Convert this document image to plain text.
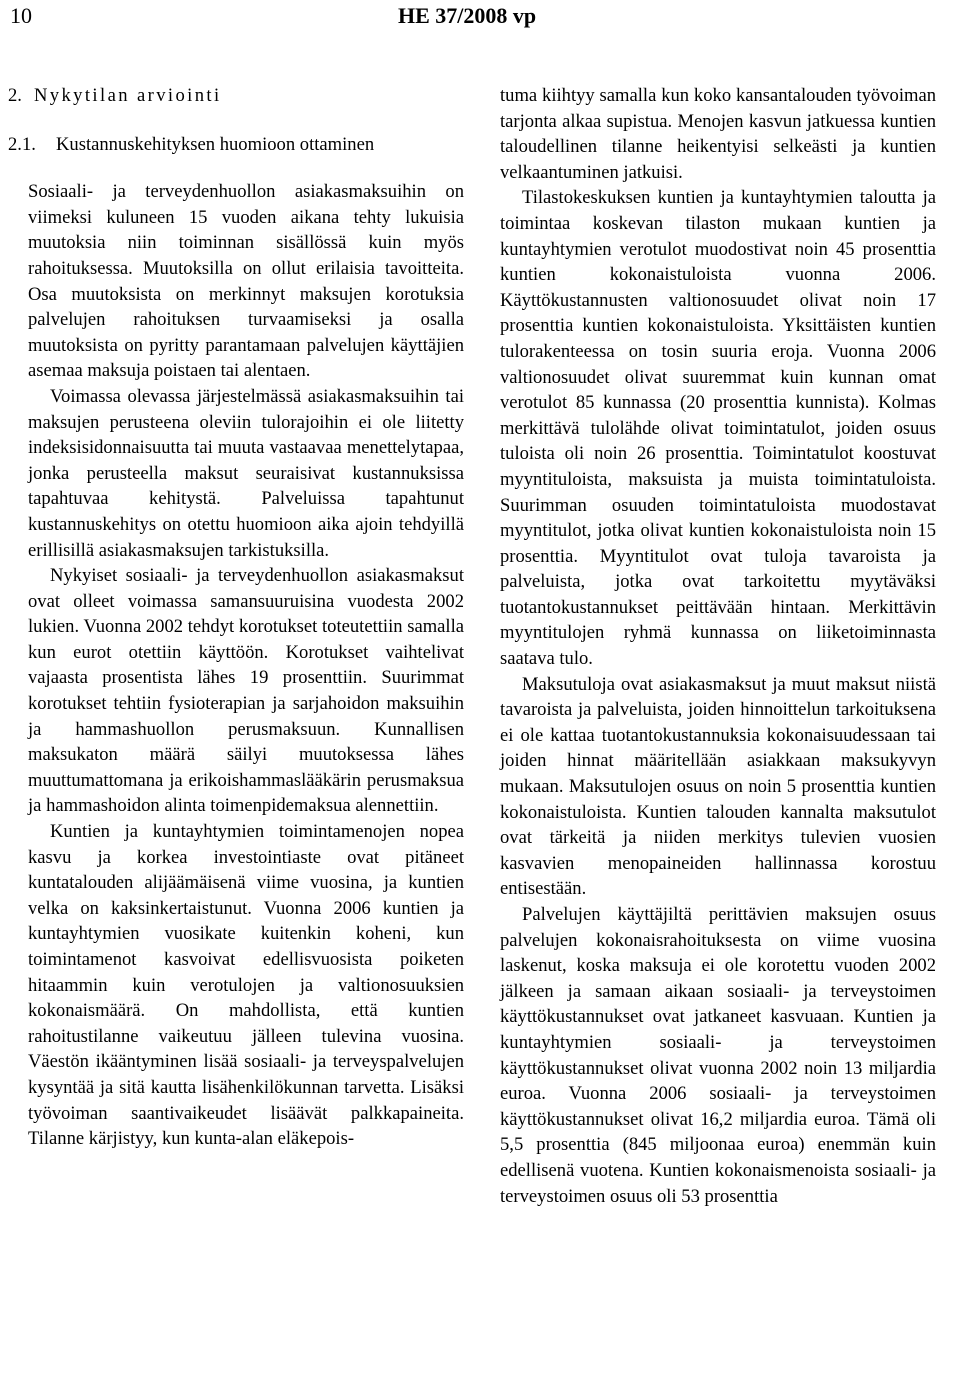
10	HE 37/2008 vp
2. Nykytilan arviointi
2.1.	Kustannuskehityksen huomioon ottaminen

Sosiaali- ja terveydenhuollon asiakasmaksuihin on viimeksi kuluneen 15 vuoden aikana tehty lukuisia muutoksia niin toiminnan sisällössä kuin myös rahoituksessa. Muutoksilla on ollut erilaisia tavoitteita. Osa muutoksista on merkinnyt maksujen korotuksia palvelujen rahoituksen turvaamiseksi ja osalla muutoksista on pyritty parantamaan palvelujen käyttäjien asemaa maksuja poistaen tai alentaen.

Voimassa olevassa järjestelmässä asiakasmaksuihin tai maksujen perusteena oleviin tulorajoihin ei ole liitetty indeksisidonnaisuutta tai muuta vastaavaa menettelytapaa, jonka perusteella maksut seuraisivat kustannuksissa tapahtuvaa kehitystä. Palveluissa tapahtunut kustannuskehitys on otettu huomioon aika ajoin tehdyillä erillisillä asiakasmaksujen tarkistuksilla.

Nykyiset sosiaali- ja terveydenhuollon asiakasmaksut ovat olleet voimassa samansuuruisina vuodesta 2002 lukien. Vuonna 2002 tehdyt korotukset toteutettiin samalla kun eurot otettiin käyttöön. Korotukset vaihtelivat vajaasta prosentista lähes 19 prosenttiin. Suurimmat korotukset tehtiin fysioterapian ja sarjahoidon maksuihin ja hammashuollon perusmaksuun. Kunnallisen maksukaton määrä säilyi muutoksessa lähes muuttumattomana ja erikoishammaslääkärin perusmaksua ja hammashoidon alinta toimenpidemaksua alennettiin.

Kuntien ja kuntayhtymien toimintamenojen nopea kasvu ja korkea investointiaste ovat pitäneet kuntatalouden alijäämäisenä viime vuosina, ja kuntien velka on kaksinkertaistunut. Vuonna 2006 kuntien ja kuntayhtymien vuosikate kuitenkin koheni, kun toimintamenot kasvoivat edellisvuosista poiketen hitaammin kuin verotulojen ja valtionosuuksien kokonaismäärä. On mahdollista, että kuntien rahoitustilanne vaikeutuu jälleen tulevina vuosina. Väestön ikääntyminen lisää sosiaali- ja terveyspalvelujen kysyntää ja sitä kautta lisähenkilökunnan tarvetta. Lisäksi työvoiman saantivaikeudet lisäävät palkkapaineita. Tilanne kärjistyy, kun kunta-alan eläkepois-

tuma kiihtyy samalla kun koko kansantalouden työvoiman tarjonta alkaa supistua. Menojen kasvun jatkuessa kuntien taloudellinen tilanne heikentyisi selkeästi ja kuntien velkaantuminen jatkuisi.

Tilastokeskuksen kuntien ja kuntayhtymien taloutta ja toimintaa koskevan tilaston mukaan kuntien ja kuntayhtymien verotulot muodostivat noin 45 prosenttia kuntien kokonaistuloista vuonna 2006. Käyttökustannusten valtionosuudet olivat noin 17 prosenttia kuntien kokonaistuloista. Yksittäisten kuntien tulorakenteessa on tosin suuria eroja. Vuonna 2006 valtionosuudet olivat suuremmat kuin kunnan omat verotulot 85 kunnassa (20 prosenttia kunnista). Kolmas merkittävä tulolähde olivat toimintatulot, joiden osuus tuloista oli noin 26 prosenttia. Toimintatulot koostuvat myyntituloista, maksuista ja muista toimintatuloista. Suurimman osuuden toimintatuloista muodostavat myyntitulot, jotka olivat kuntien kokonaistuloista noin 15 prosenttia. Myyntitulot ovat tuloja tavaroista ja palveluista, jotka ovat tarkoitettu myytäväksi tuotantokustannukset peittävään hintaan. Merkittävin myyntitulojen ryhmä kunnassa on liiketoiminnasta saatava tulo.

Maksutuloja ovat asiakasmaksut ja muut maksut niistä tavaroista ja palveluista, joiden hinnoittelun tarkoituksena ei ole kattaa tuotantokustannuksia kokonaisuudessaan tai joiden hinnat määritellään asiakkaan maksukyvyn mukaan. Maksutulojen osuus on noin 5 prosenttia kuntien kokonaistuloista. Kuntien talouden kannalta maksutulot ovat tärkeitä ja niiden merkitys tulevien vuosien kasvavien menopaineiden hallinnassa korostuu entisestään.

Palvelujen käyttäjiltä perittävien maksujen osuus palvelujen kokonaisrahoituksesta on viime vuosina laskenut, koska maksuja ei ole korotettu vuoden 2002 jälkeen ja samaan aikaan sosiaali- ja terveystoimen käyttökustannukset ovat jatkaneet kasvuaan. Kuntien ja kuntayhtymien sosiaali- ja terveystoimen käyttökustannukset olivat vuonna 2002 noin 13 miljardia euroa. Vuonna 2006 sosiaali- ja terveystoimen käyttökustannukset olivat 16,2 miljardia euroa. Tämä oli 5,5 prosenttia (845 miljoonaa euroa) enemmän kuin edellisenä vuotena. Kuntien kokonaismenoista sosiaali- ja terveystoimen osuus oli 53 prosenttia
